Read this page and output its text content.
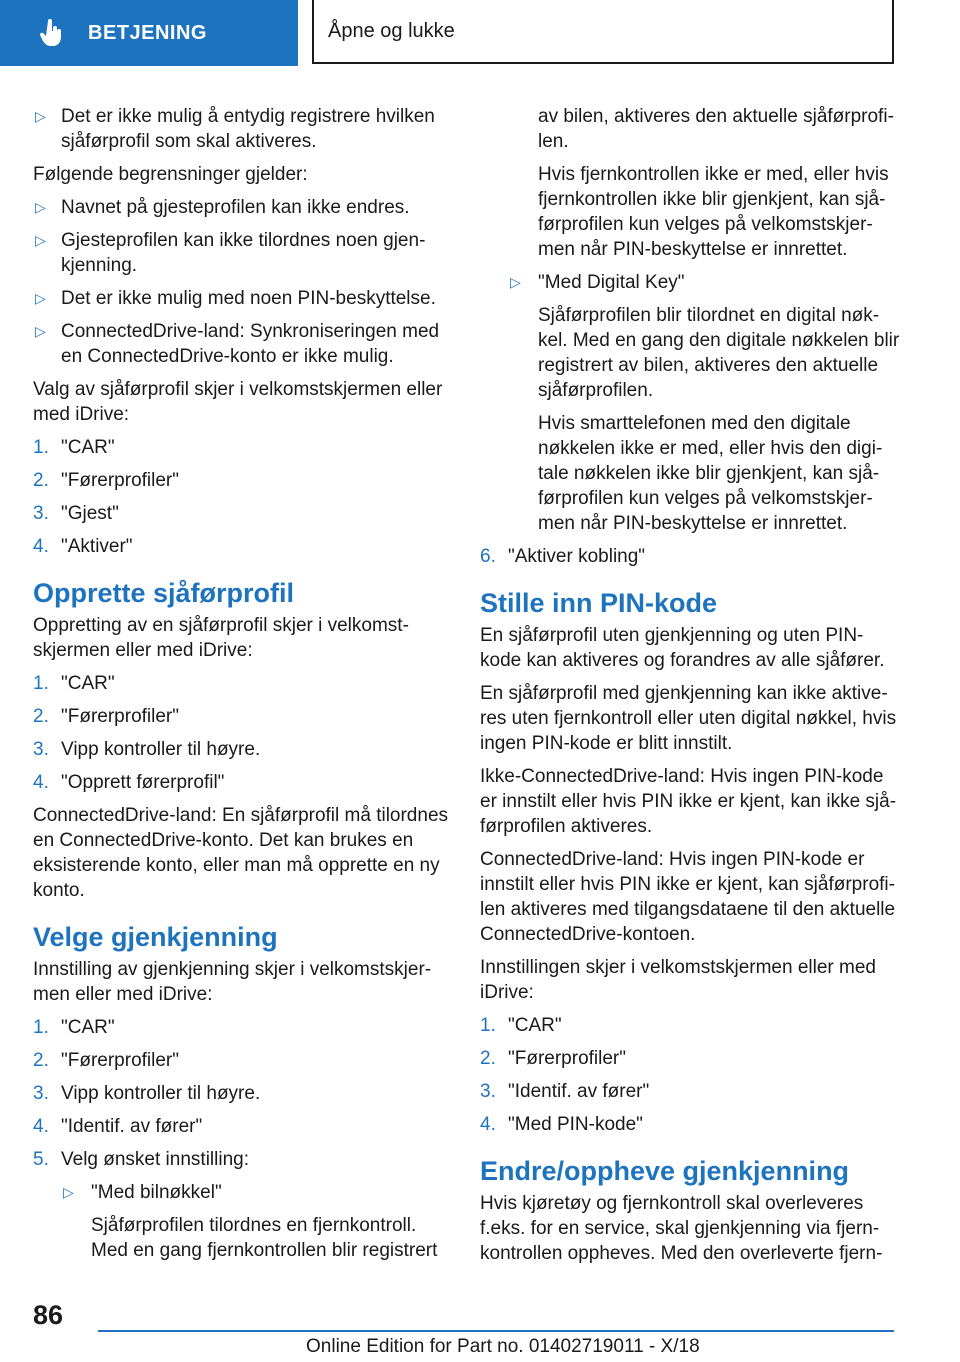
BETJENING	Åpne og lukke
▷ Det er ikke mulig å entydig registrere hvilken sjåførprofil som skal aktiveres.

Følgende begrensninger gjelder:

▷ Navnet på gjesteprofilen kan ikke endres.
▷ Gjesteprofilen kan ikke tilordnes noen gjenkjenning.
▷ Det er ikke mulig med noen PIN-beskyttelse.
▷ ConnectedDrive-land: Synkroniseringen med en ConnectedDrive-konto er ikke mulig.

Valg av sjåførprofil skjer i velkomstskjermen eller med iDrive:

1. "CAR"
2. "Førerprofiler"
3. "Gjest"
4. "Aktiver"
Opprette sjåførprofil

Oppretting av en sjåførprofil skjer i velkomstskjermen eller med iDrive:

1. "CAR"
2. "Førerprofiler"
3. Vipp kontroller til høyre.
4. "Opprett førerprofil"

ConnectedDrive-land: En sjåførprofil må tilordnes en ConnectedDrive-konto. Det kan brukes en eksisterende konto, eller man må opprette en ny konto.

Velge gjenkjenning

Innstilling av gjenkjenning skjer i velkomstskjermen eller med iDrive:

1. "CAR"
2. "Førerprofiler"
3. Vipp kontroller til høyre.
4. "Identif. av fører"
5. Velg ønsket innstilling:
▷ "Med bilnøkkel"
Sjåførprofilen tilordnes en fjernkontroll. Med en gang fjernkontrollen blir registrert
av bilen, aktiveres den aktuelle sjåførprofilen.
Hvis fjernkontrollen ikke er med, eller hvis fjernkontrollen ikke blir gjenkjent, kan sjåførprofilen kun velges på velkomstskjermen når PIN-beskyttelse er innrettet.
▷ "Med Digital Key"
Sjåførprofilen blir tilordnet en digital nøkkel. Med en gang den digitale nøkkelen blir registrert av bilen, aktiveres den aktuelle sjåførprofilen.
Hvis smarttelefonen med den digitale nøkkelen ikke er med, eller hvis den digitale nøkkelen ikke blir gjenkjent, kan sjåførprofilen kun velges på velkomstskjermen når PIN-beskyttelse er innrettet.
6. "Aktiver kobling"
Stille inn PIN-kode

En sjåførprofil uten gjenkjenning og uten PIN-kode kan aktiveres og forandres av alle sjåfører.

En sjåførprofil med gjenkjenning kan ikke aktiveres uten fjernkontroll eller uten digital nøkkel, hvis ingen PIN-kode er blitt innstilt.

Ikke-ConnectedDrive-land: Hvis ingen PIN-kode er innstilt eller hvis PIN ikke er kjent, kan ikke sjåførprofilen aktiveres.

ConnectedDrive-land: Hvis ingen PIN-kode er innstilt eller hvis PIN ikke er kjent, kan sjåførprofilen aktiveres med tilgangsdataene til den aktuelle ConnectedDrive-kontoen.

Innstillingen skjer i velkomstskjermen eller med iDrive:

1. "CAR"
2. "Førerprofiler"
3. "Identif. av fører"
4. "Med PIN-kode"
Endre/oppheve gjenkjenning

Hvis kjøretøy og fjernkontroll skal overleveres f.eks. for en service, skal gjenkjenning via fjernkontrollen oppheves. Med den overleverte fjern-

86
Online Edition for Part no. 01402719011 - X/18
